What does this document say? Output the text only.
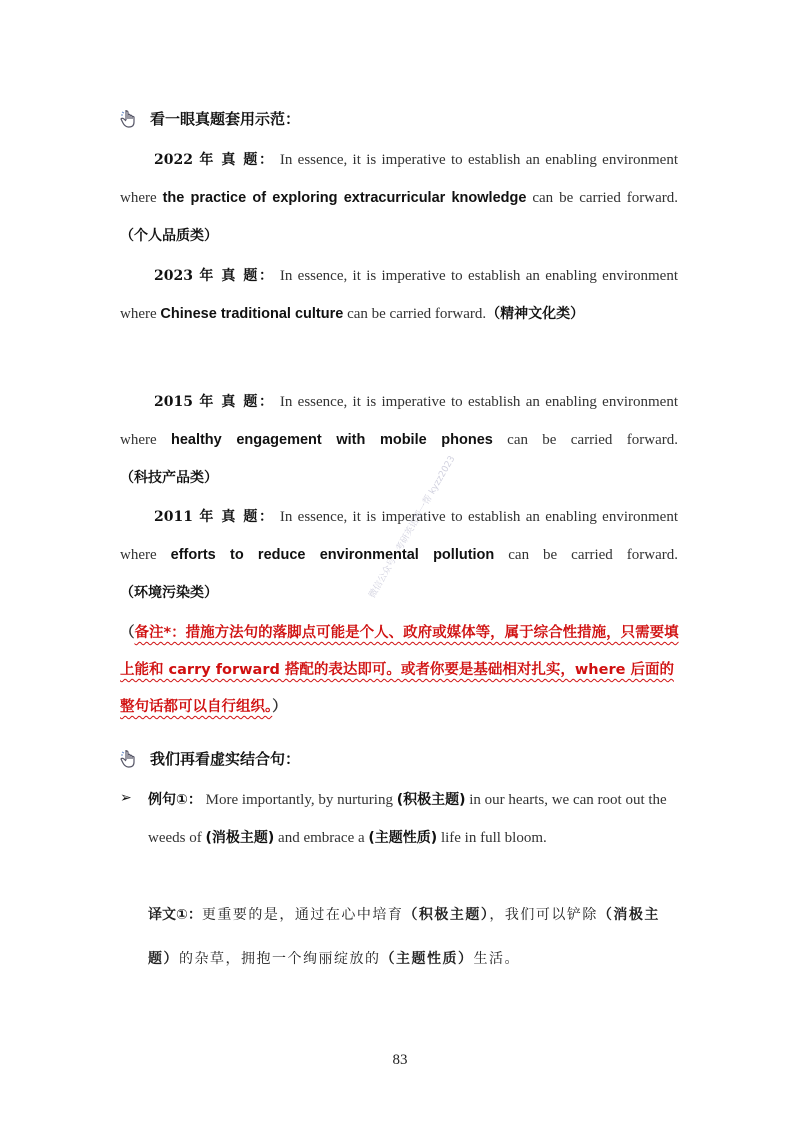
看一眼真题套用示范：
2022 年 真 题： In essence, it is imperative to establish an enabling environment where the practice of exploring extracurricular knowledge can be carried forward.（个人品质类）
2023 年 真 题： In essence, it is imperative to establish an enabling environment where Chinese traditional culture can be carried forward.（精神文化类）
2015 年 真 题： In essence, it is imperative to establish an enabling environment where healthy engagement with mobile phones can be carried forward.（科技产品类）
2011 年 真 题： In essence, it is imperative to establish an enabling environment where efforts to reduce environmental pollution can be carried forward.（环境污染类）	微信公众号：考研英语帮一帮 kyzz2023
（备注*：措施方法句的落脚点可能是个人、政府或媒体等，属于综合性措施，只需要填上能和 carry forward 搭配的表达即可。或者你要是基础相对扎实，where 后面的整句话都可以自行组织。）
我们再看虚实结合句：
➢ 例句①： More importantly, by nurturing (积极主题) in our hearts, we can root out the weeds of (消极主题) and embrace a (主题性质) life in full bloom.
译文①：更重要的是，通过在心中培育（积极主题），我们可以铲除（消极主题）的杂草，拥抱一个绚丽绽放的（主题性质）生活。
83
